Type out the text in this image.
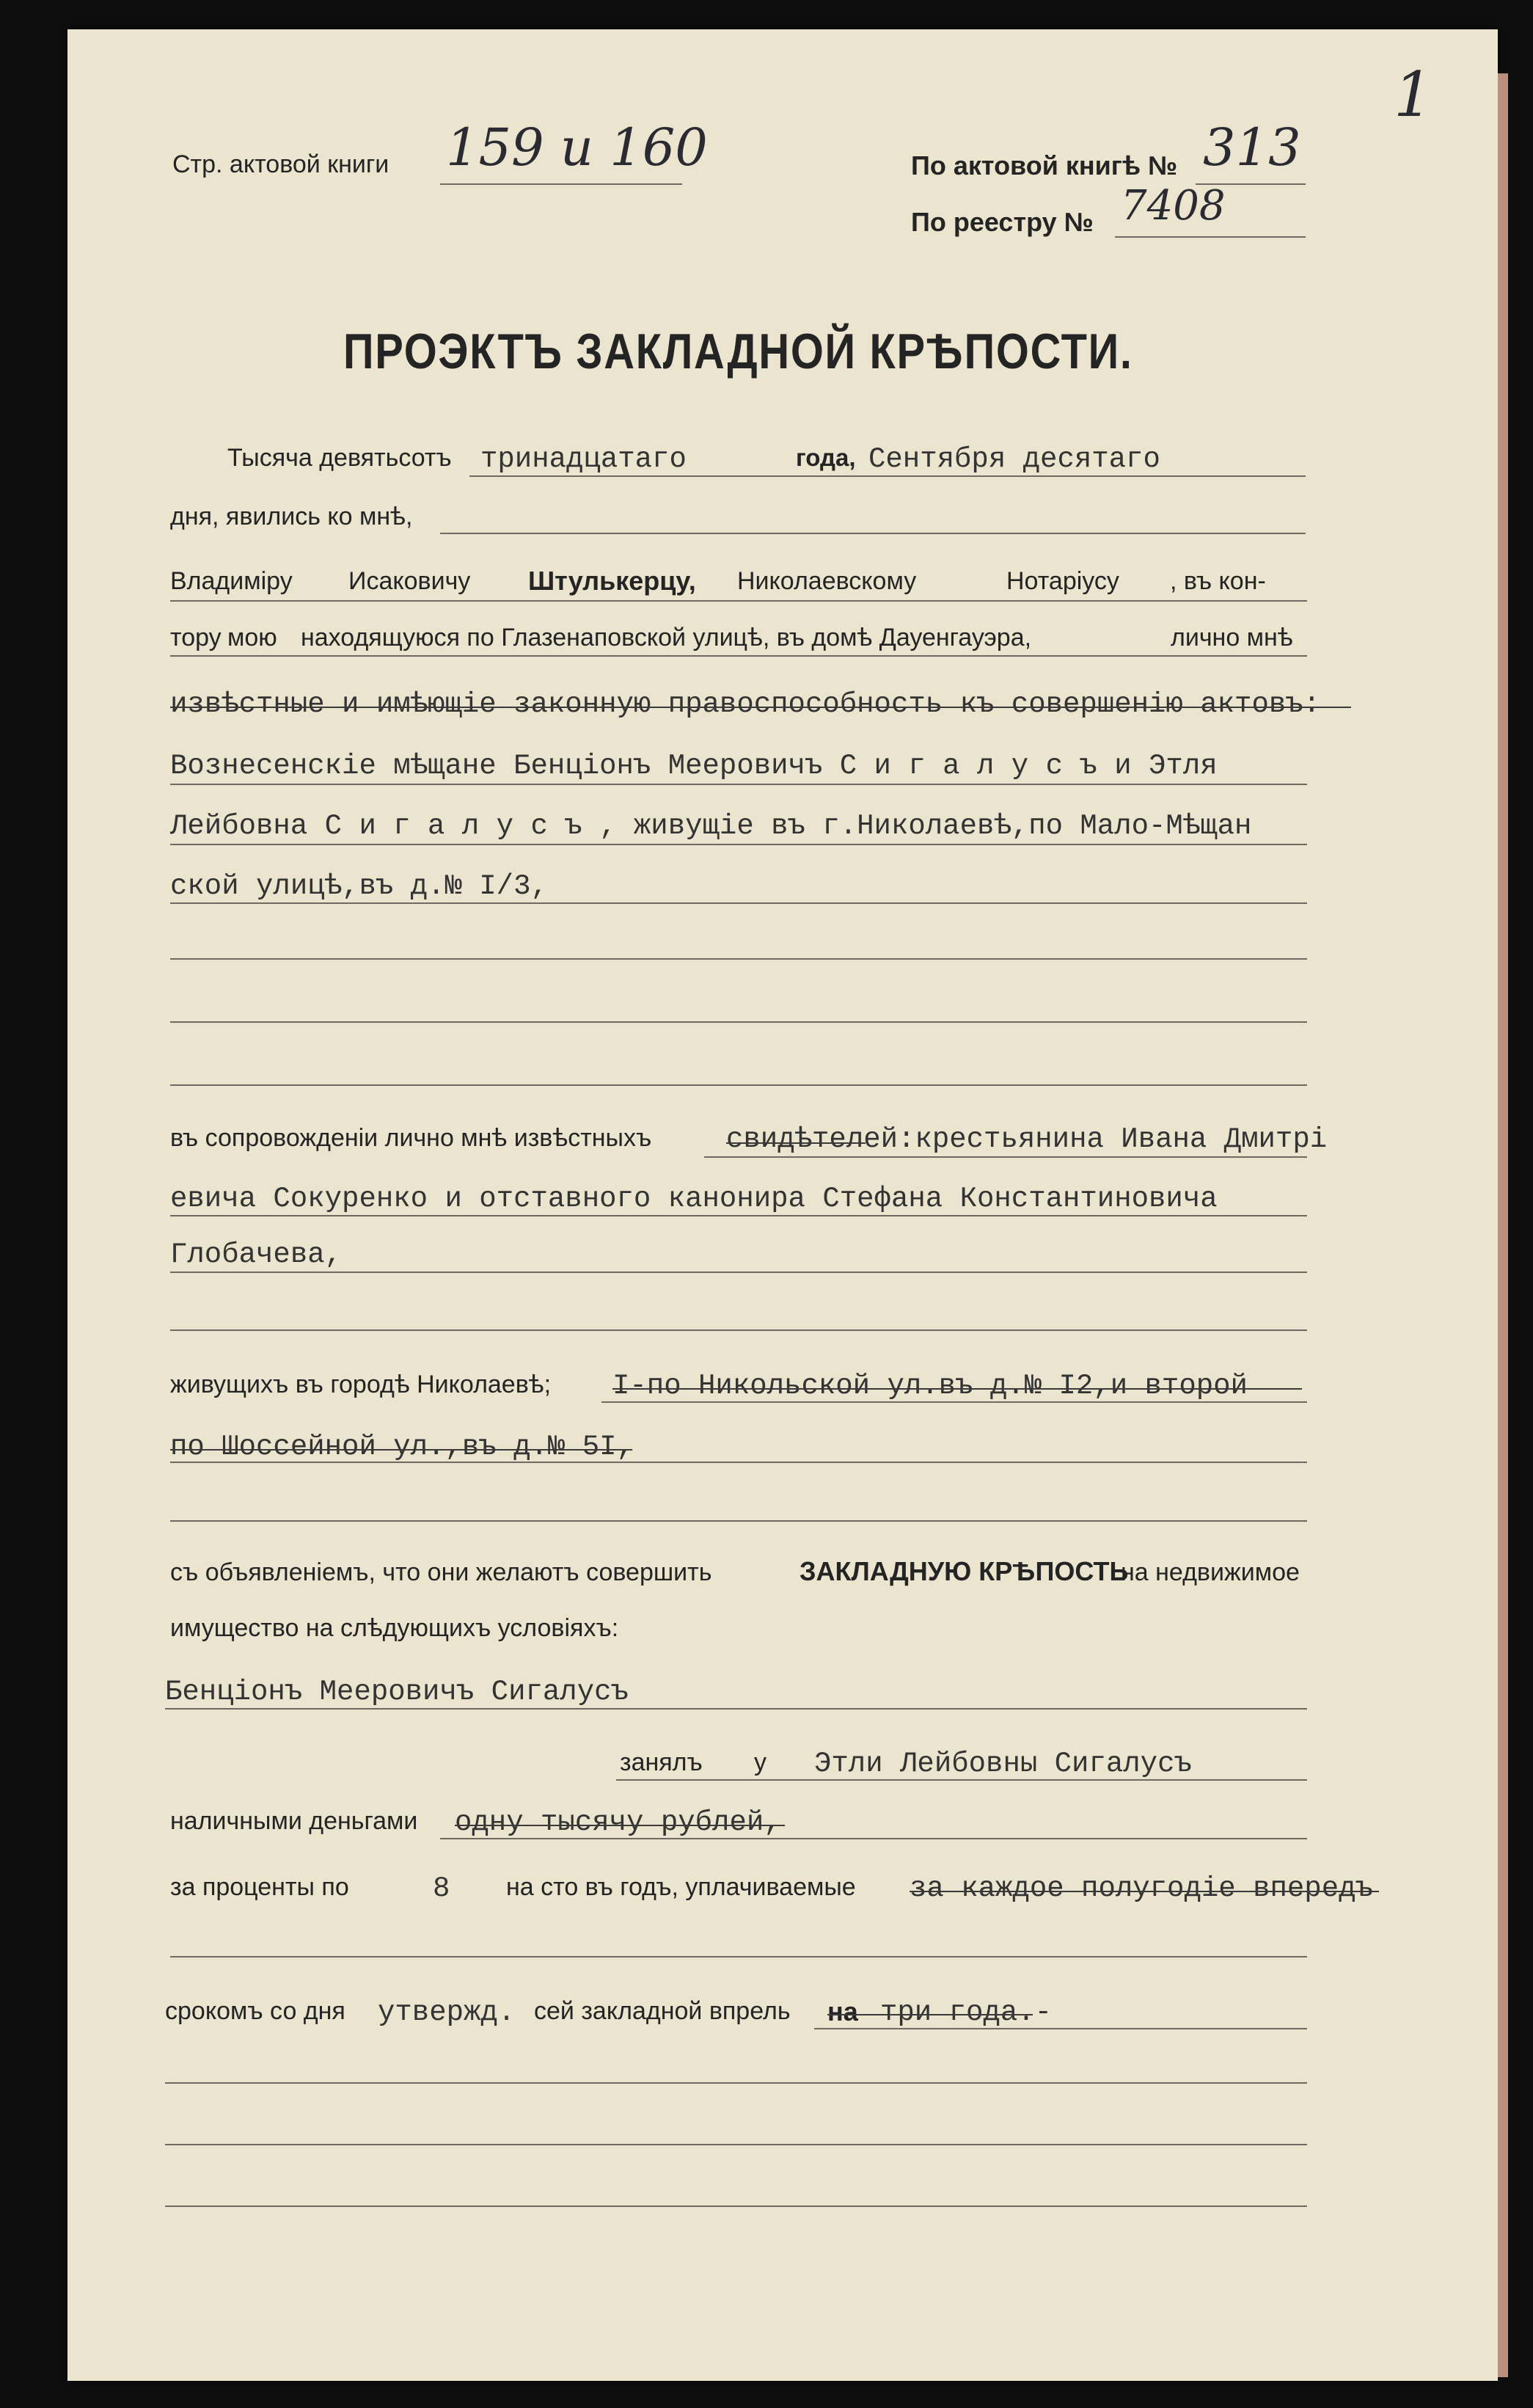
Стр. актовой книги 159 и 160	По актовой книгѣ № 313
По реестру № 7408
1
ПРОЭКТЪ ЗАКЛАДНОЙ КРѢПОСТИ.
Тысяча девятьсотъ тринадцатаго	года, Сентября десятаго
дня, явились ко мнѣ,
Владиміру Исаковичу Штулькерцу, Николаевскому	Нотаріусу , въ кон-
тору мою находящуюся по Глазенаповской улицѣ, въ домѣ Дауенгауэра,	лично мнѣ
извѣстные и имѣющіе законную правоспособность къ совершенію актовъ:
Вознесенскіе мѣщане Бенціонъ Мееровичъ С и г а л у с ъ и Этля
Лейбовна С и г а л у с ъ , живущіе въ г.Николаевѣ,по Мало-Мѣщан
ской улицѣ,въ д.№ I/3,
въ сопровожденіи лично мнѣ извѣстныхъ	свидѣтелей:крестьянина Ивана Дмитрі
евича Сокуренко и отставного канонира Стефана Константиновича
Глобачева,
живущихъ въ городѣ Николаевѣ; I-по Никольской ул.въ д.№ I2,и второй
по Шоссейной ул.,въ д.№ 5I,
съ объявленіемъ, что они желаютъ совершить	ЗАКЛАДНУЮ КРѢПОСТЬ
на недвижимое
имущество на слѣдующихъ условіяхъ:
Бенціонъ Мееровичъ Сигалусъ
занялъ у Этли Лейбовны Сигалусъ
наличными деньгами одну тысячу рублей,
за проценты по	8 на сто въ годъ, уплачиваемые за каждое полугодіе впередъ
срокомъ со дня утвержд. сей закладной впрель на три года.-
